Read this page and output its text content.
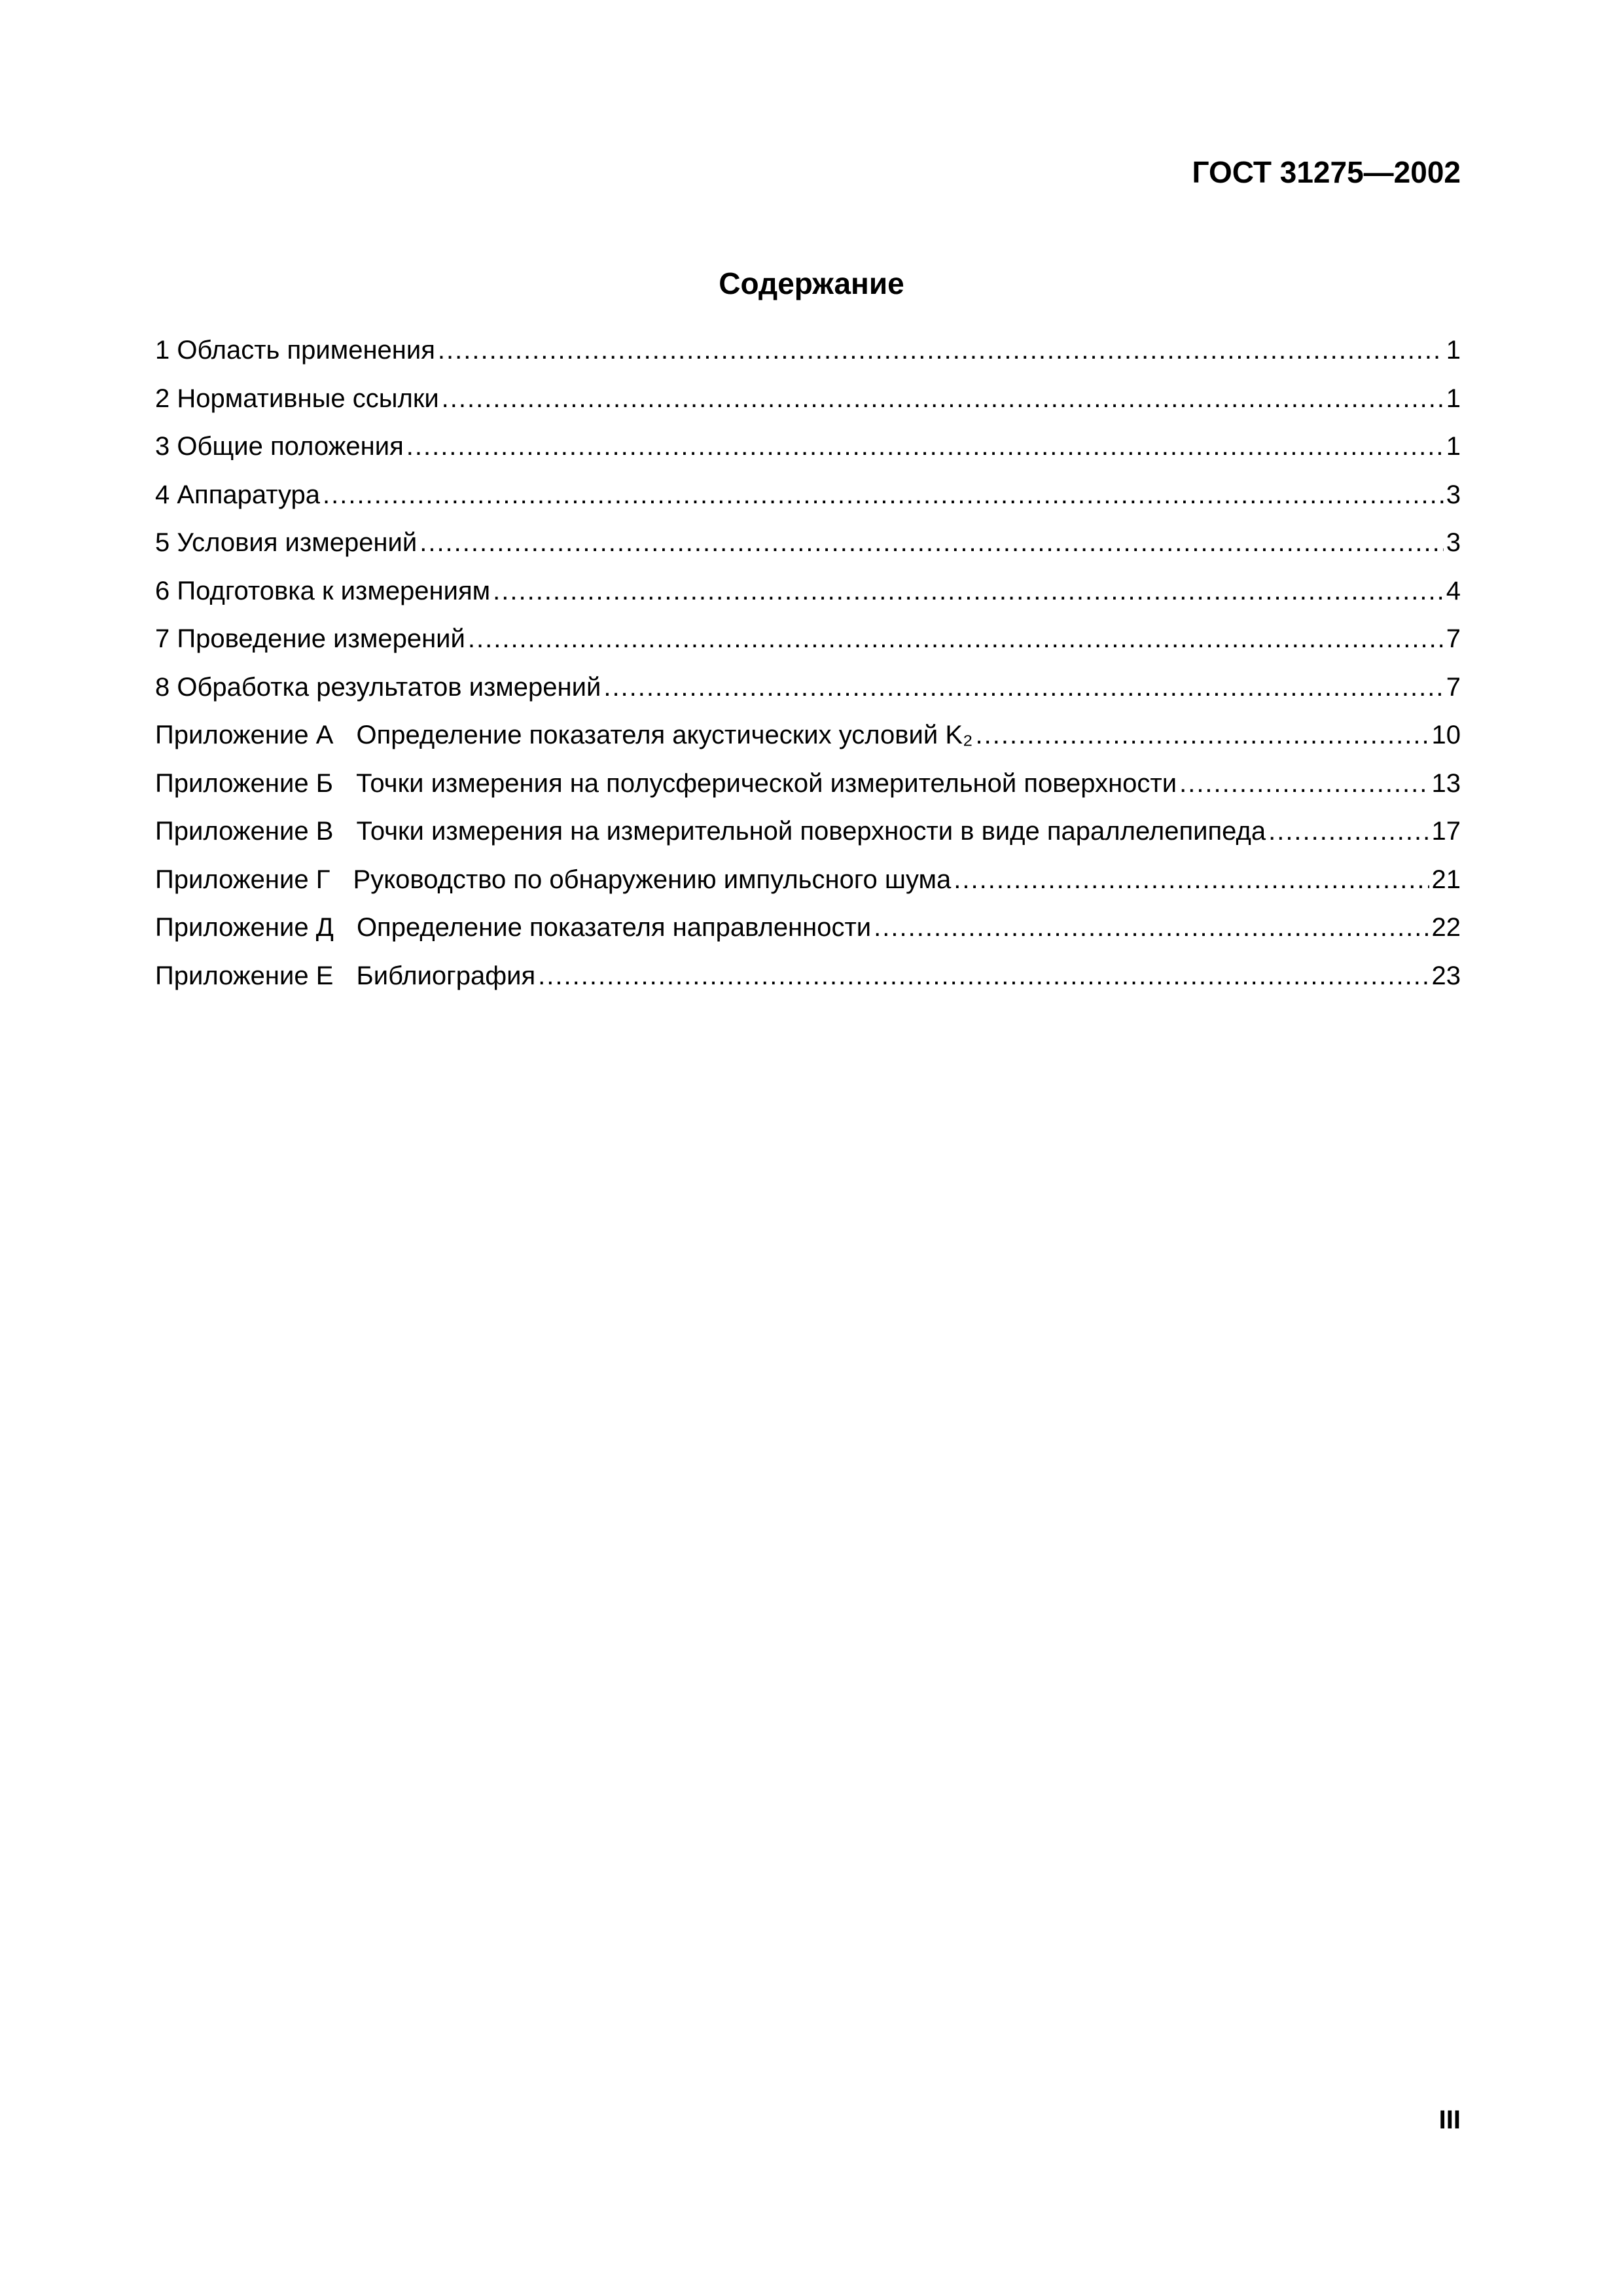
ГОСТ 31275—2002
Содержание
1 Область применения .....	1
2 Нормативные ссылки .....	1
3 Общие положения .....	1
4 Аппаратура .....	3
5 Условия измерений .....	3
6 Подготовка к измерениям .....	4
7 Проведение измерений .....	7
8 Обработка результатов измерений .....	7
Приложение А Определение показателя акустических условий K₂ .....	10
Приложение Б Точки измерения на полусферической измерительной поверхности .....	13
Приложение В Точки измерения на измерительной поверхности в виде параллелепипеда .....	17
Приложение Г Руководство по обнаружению импульсного шума .....	21
Приложение Д Определение показателя направленности .....	22
Приложение Е Библиография .....	23
III
